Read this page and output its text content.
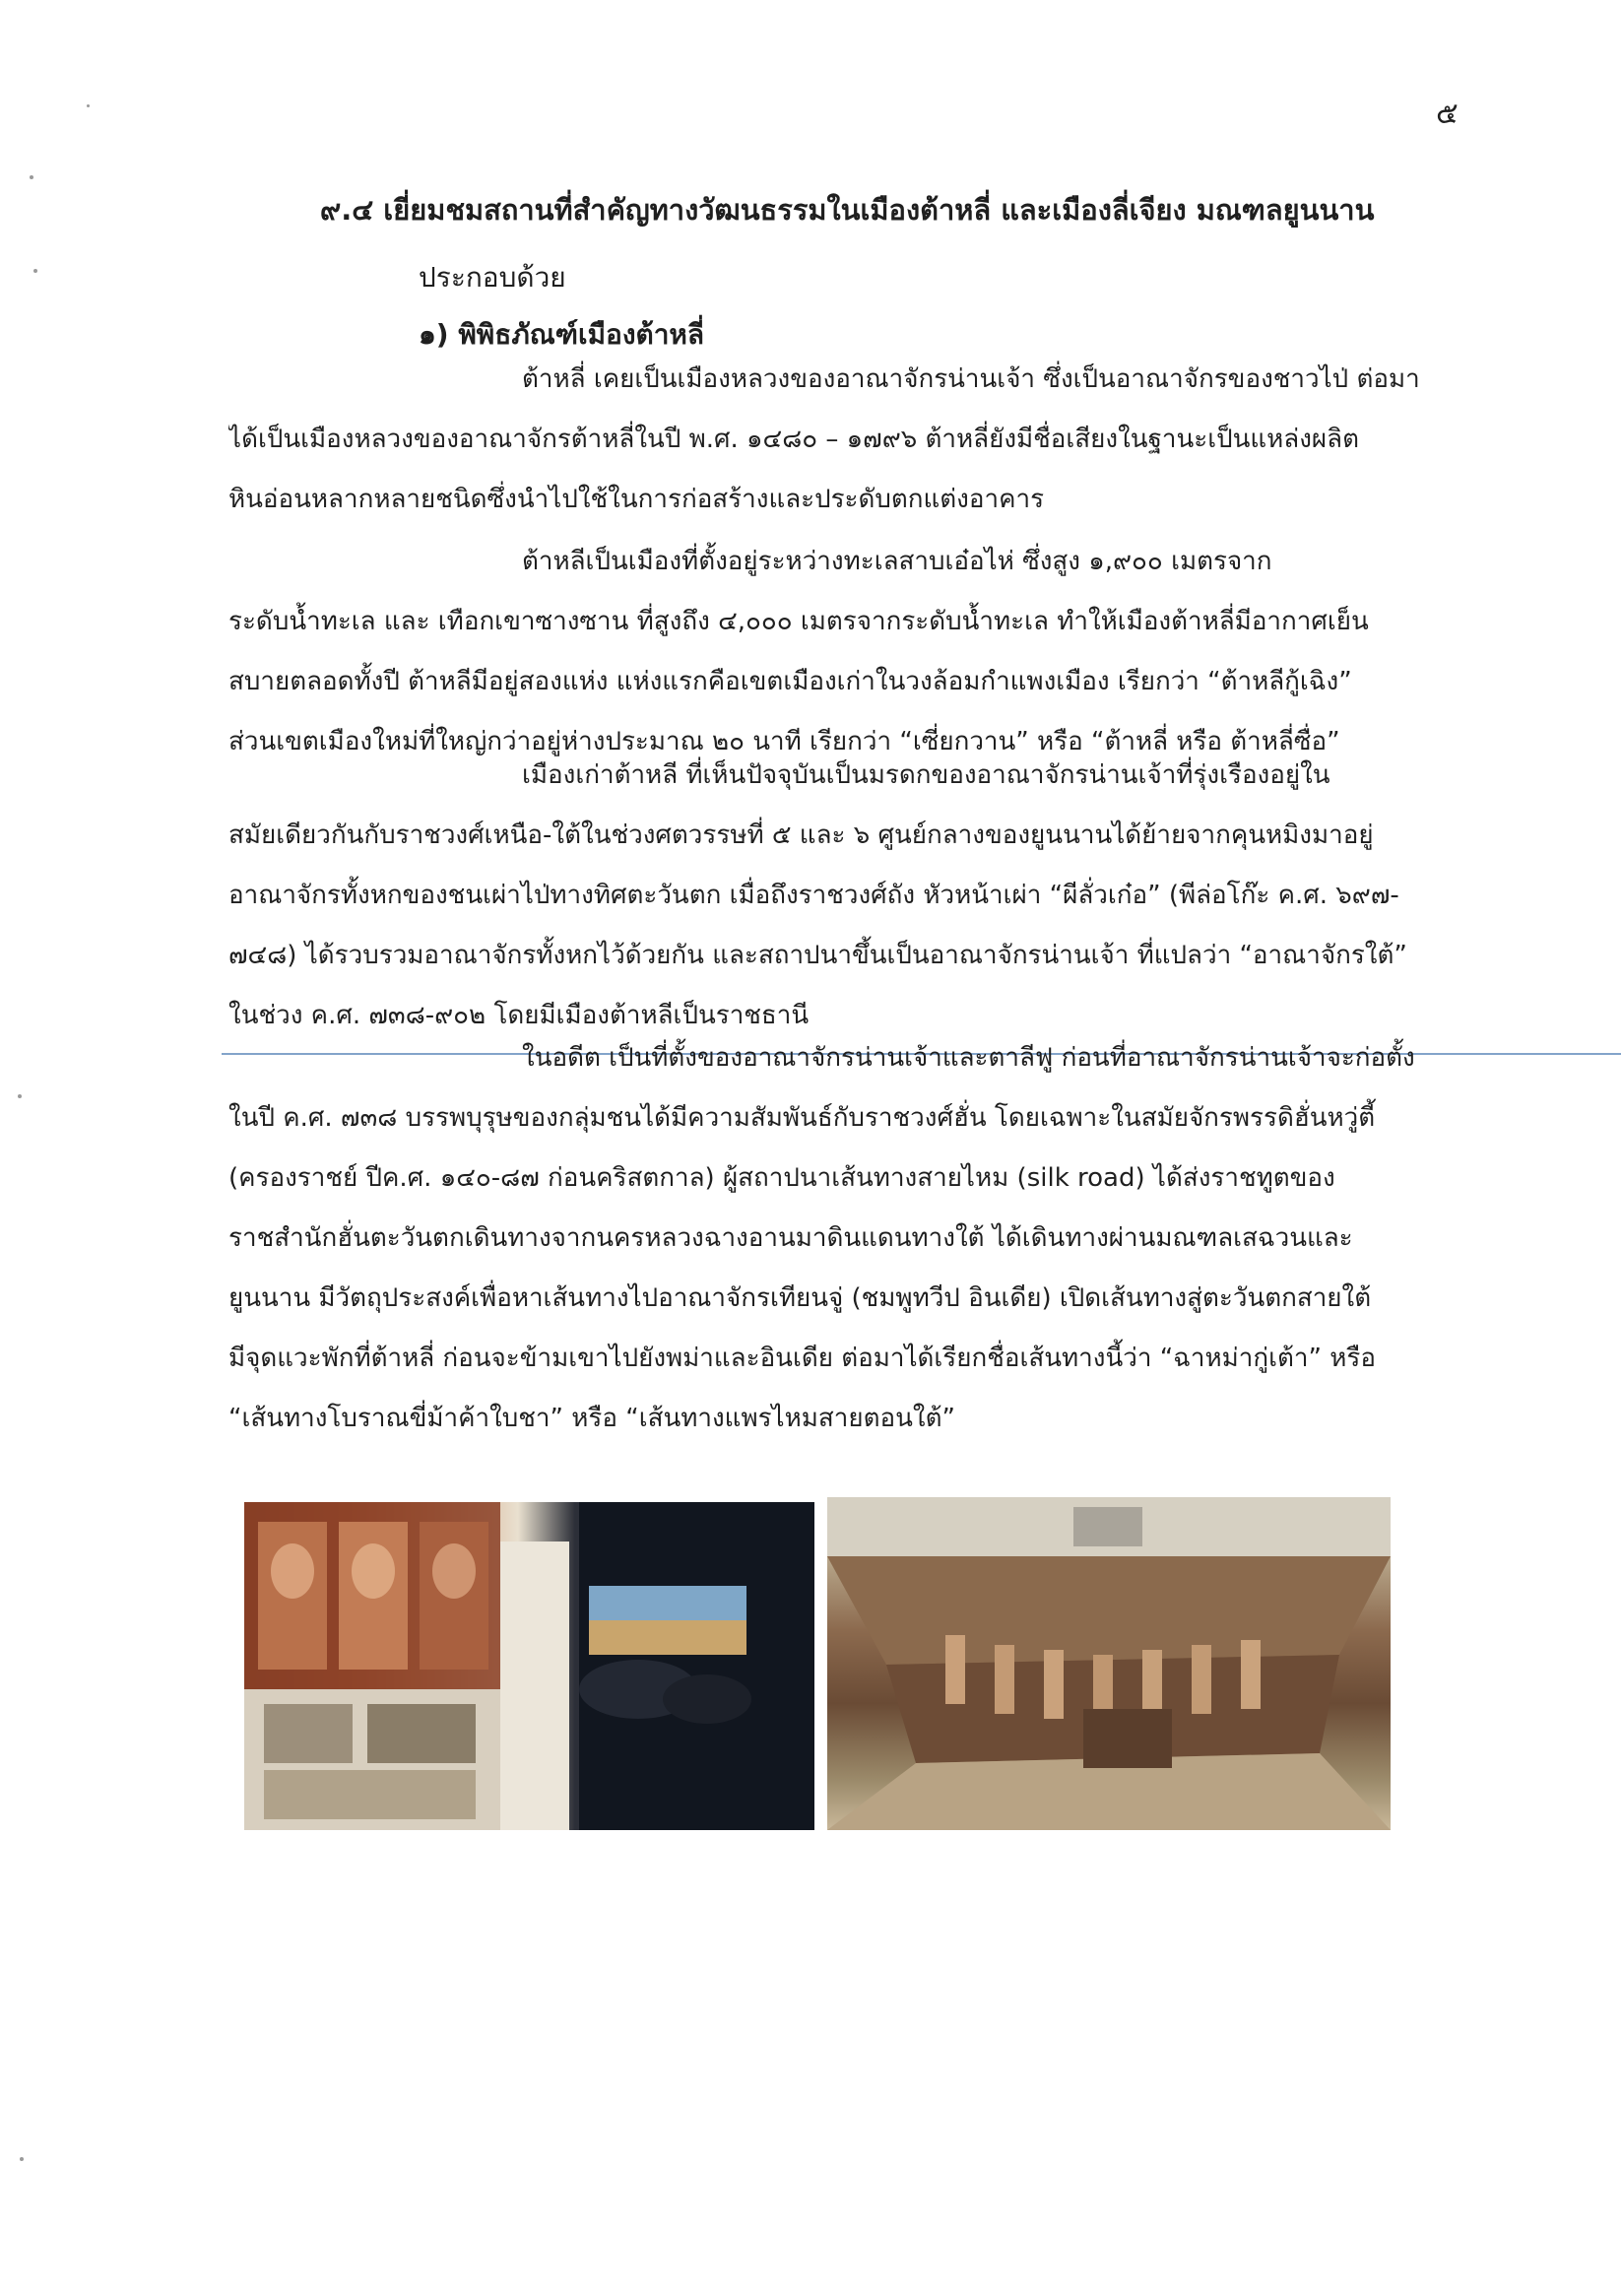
๕
๙.๔ เยี่ยมชมสถานที่สำคัญทางวัฒนธรรมในเมืองต้าหลี่ และเมืองลี่เจียง มณฑลยูนนาน
ประกอบด้วย
๑) พิพิธภัณฑ์เมืองต้าหลี่
ต้าหลี่ เคยเป็นเมืองหลวงของอาณาจักรน่านเจ้า ซึ่งเป็นอาณาจักรของชาวไป่ ต่อมา
ได้เป็นเมืองหลวงของอาณาจักรต้าหลี่ในปี พ.ศ. ๑๔๘๐ – ๑๗๙๖ ต้าหลี่ยังมีชื่อเสียงในฐานะเป็นแหล่งผลิต
หินอ่อนหลากหลายชนิดซึ่งนำไปใช้ในการก่อสร้างและประดับตกแต่งอาคาร
ต้าหลีเป็นเมืองที่ตั้งอยู่ระหว่างทะเลสาบเอ๋อไห่ ซึ่งสูง ๑,๙๐๐ เมตรจาก
ระดับน้ำทะเล และ เทือกเขาซางซาน ที่สูงถึง ๔,๐๐๐ เมตรจากระดับน้ำทะเล ทำให้เมืองต้าหลี่มีอากาศเย็น
สบายตลอดทั้งปี ต้าหลีมีอยู่สองแห่ง แห่งแรกคือเขตเมืองเก่าในวงล้อมกำแพงเมือง เรียกว่า “ต้าหลีกู้เฉิง”
ส่วนเขตเมืองใหม่ที่ใหญ่กว่าอยู่ห่างประมาณ ๒๐ นาที เรียกว่า “เซี่ยกวาน” หรือ “ต้าหลี่ หรือ ต้าหลี่ซื่อ”
เมืองเก่าต้าหลี ที่เห็นปัจจุบันเป็นมรดกของอาณาจักรน่านเจ้าที่รุ่งเรืองอยู่ใน
สมัยเดียวกันกับราชวงศ์เหนือ-ใต้ในช่วงศตวรรษที่ ๕ และ ๖ ศูนย์กลางของยูนนานได้ย้ายจากคุนหมิงมาอยู่
อาณาจักรทั้งหกของชนเผ่าไป่ทางทิศตะวันตก เมื่อถึงราชวงศ์ถัง หัวหน้าเผ่า “ผีลั่วเก๋อ” (พีล่อโก๊ะ ค.ศ. ๖๙๗-
๗๔๘) ได้รวบรวมอาณาจักรทั้งหกไว้ด้วยกัน และสถาปนาขึ้นเป็นอาณาจักรน่านเจ้า ที่แปลว่า “อาณาจักรใต้”
ในช่วง ค.ศ. ๗๓๘-๙๐๒ โดยมีเมืองต้าหลีเป็นราชธานี
ในอดีต เป็นที่ตั้งของอาณาจักรน่านเจ้าและตาลีฟู ก่อนที่อาณาจักรน่านเจ้าจะก่อตั้ง
ในปี ค.ศ. ๗๓๘ บรรพบุรุษของกลุ่มชนได้มีความสัมพันธ์กับราชวงศ์ฮั่น โดยเฉพาะในสมัยจักรพรรดิฮั่นหวู่ตี้
(ครองราชย์ ปีค.ศ. ๑๔๐-๘๗ ก่อนคริสตกาล) ผู้สถาปนาเส้นทางสายไหม (silk road) ได้ส่งราชทูตของ
ราชสำนักฮั่นตะวันตกเดินทางจากนครหลวงฉางอานมาดินแดนทางใต้ ได้เดินทางผ่านมณฑลเสฉวนและ
ยูนนาน มีวัตถุประสงค์เพื่อหาเส้นทางไปอาณาจักรเทียนจู่ (ชมพูทวีป อินเดีย) เปิดเส้นทางสู่ตะวันตกสายใต้
มีจุดแวะพักที่ต้าหลี่ ก่อนจะข้ามเขาไปยังพม่าและอินเดีย ต่อมาได้เรียกชื่อเส้นทางนี้ว่า “ฉาหม่ากู่เต้า” หรือ
“เส้นทางโบราณขี่ม้าค้าใบชา” หรือ “เส้นทางแพรไหมสายตอนใต้”
